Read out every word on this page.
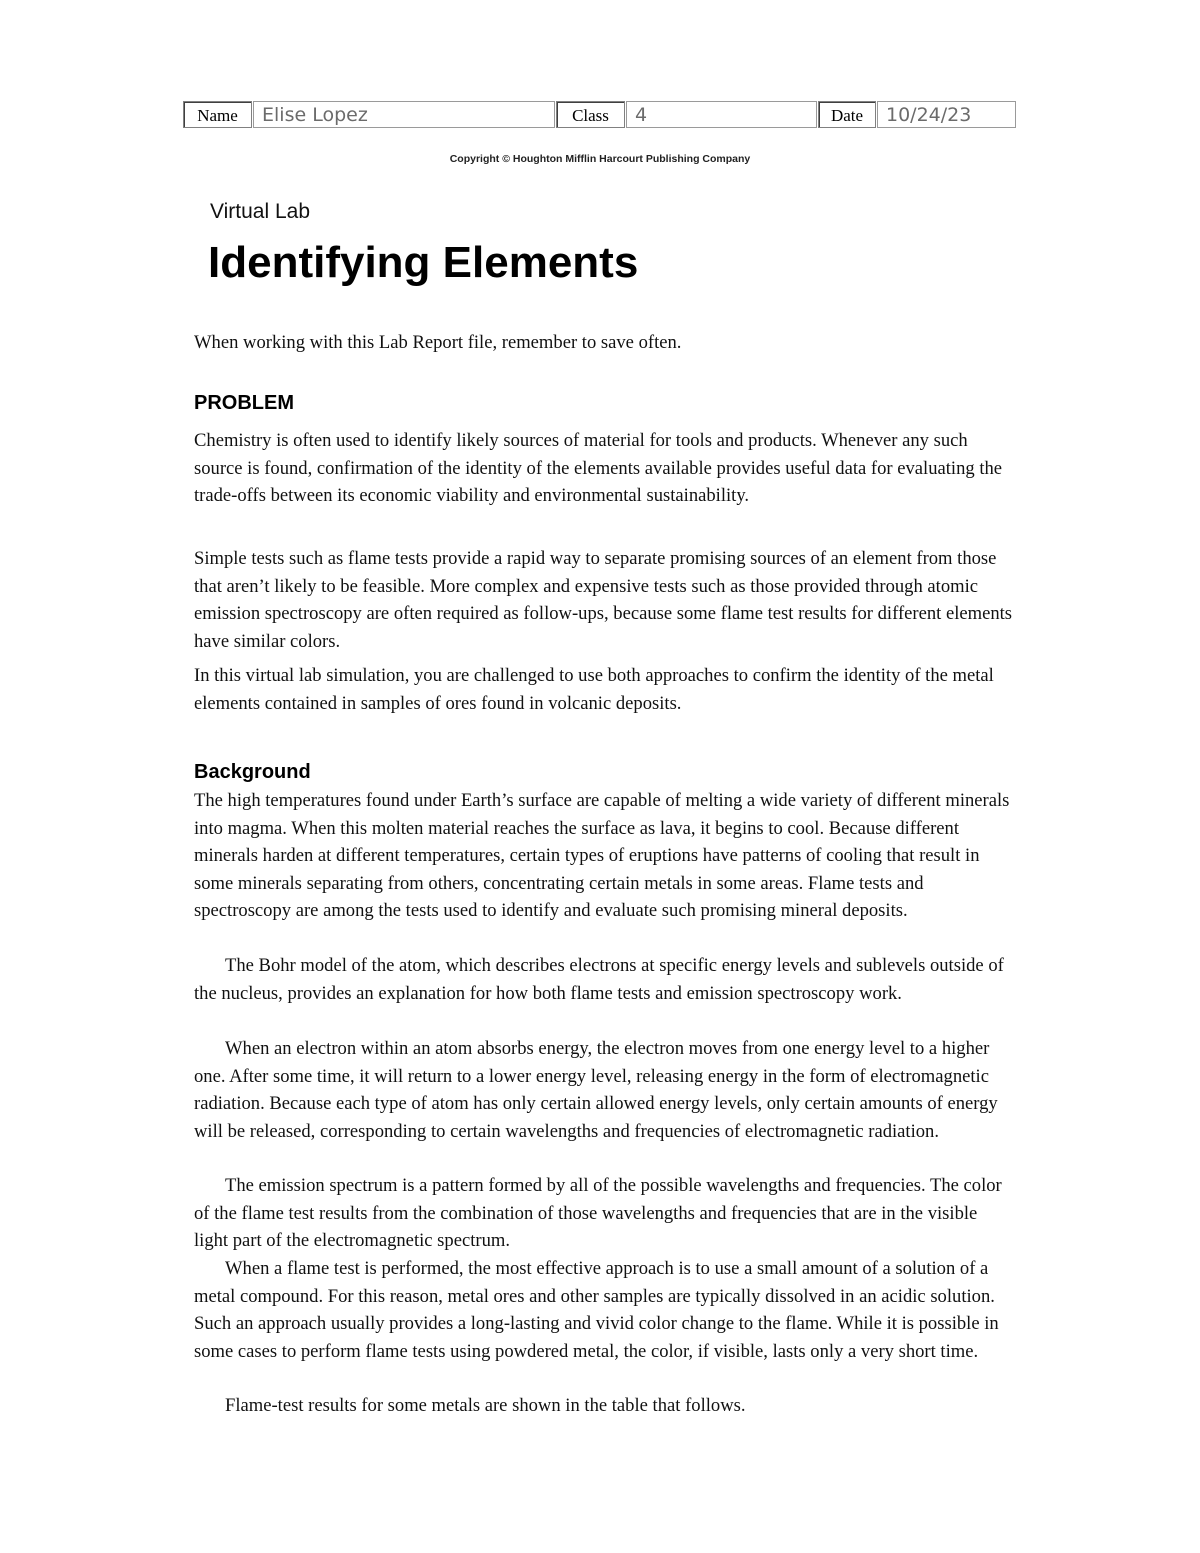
Name	Elise Lopez	Class	4	Date	10/24/23
Copyright © Houghton Mifflin Harcourt Publishing Company
Virtual Lab
Identifying Elements

When working with this Lab Report file, remember to save often.

PROBLEM

Chemistry is often used to identify likely sources of material for tools and products. Whenever any such source is found, confirmation of the identity of the elements available provides useful data for evaluating the trade-offs between its economic viability and environmental sustainability.

Simple tests such as flame tests provide a rapid way to separate promising sources of an element from those that aren’t likely to be feasible. More complex and expensive tests such as those provided through atomic emission spectroscopy are often required as follow-ups, because some flame test results for different elements have similar colors.

In this virtual lab simulation, you are challenged to use both approaches to confirm the identity of the metal elements contained in samples of ores found in volcanic deposits.

Background

The high temperatures found under Earth’s surface are capable of melting a wide variety of different minerals into magma. When this molten material reaches the surface as lava, it begins to cool. Because different minerals harden at different temperatures, certain types of eruptions have patterns of cooling that result in some minerals separating from others, concentrating certain metals in some areas. Flame tests and spectroscopy are among the tests used to identify and evaluate such promising mineral deposits.

The Bohr model of the atom, which describes electrons at specific energy levels and sublevels outside of the nucleus, provides an explanation for how both flame tests and emission spectroscopy work.

When an electron within an atom absorbs energy, the electron moves from one energy level to a higher one. After some time, it will return to a lower energy level, releasing energy in the form of electromagnetic radiation. Because each type of atom has only certain allowed energy levels, only certain amounts of energy will be released, corresponding to certain wavelengths and frequencies of electromagnetic radiation.

The emission spectrum is a pattern formed by all of the possible wavelengths and frequencies. The color of the flame test results from the combination of those wavelengths and frequencies that are in the visible light part of the electromagnetic spectrum.

When a flame test is performed, the most effective approach is to use a small amount of a solution of a metal compound. For this reason, metal ores and other samples are typically dissolved in an acidic solution. Such an approach usually provides a long-lasting and vivid color change to the flame. While it is possible in some cases to perform flame tests using powdered metal, the color, if visible, lasts only a very short time.

Flame-test results for some metals are shown in the table that follows.
